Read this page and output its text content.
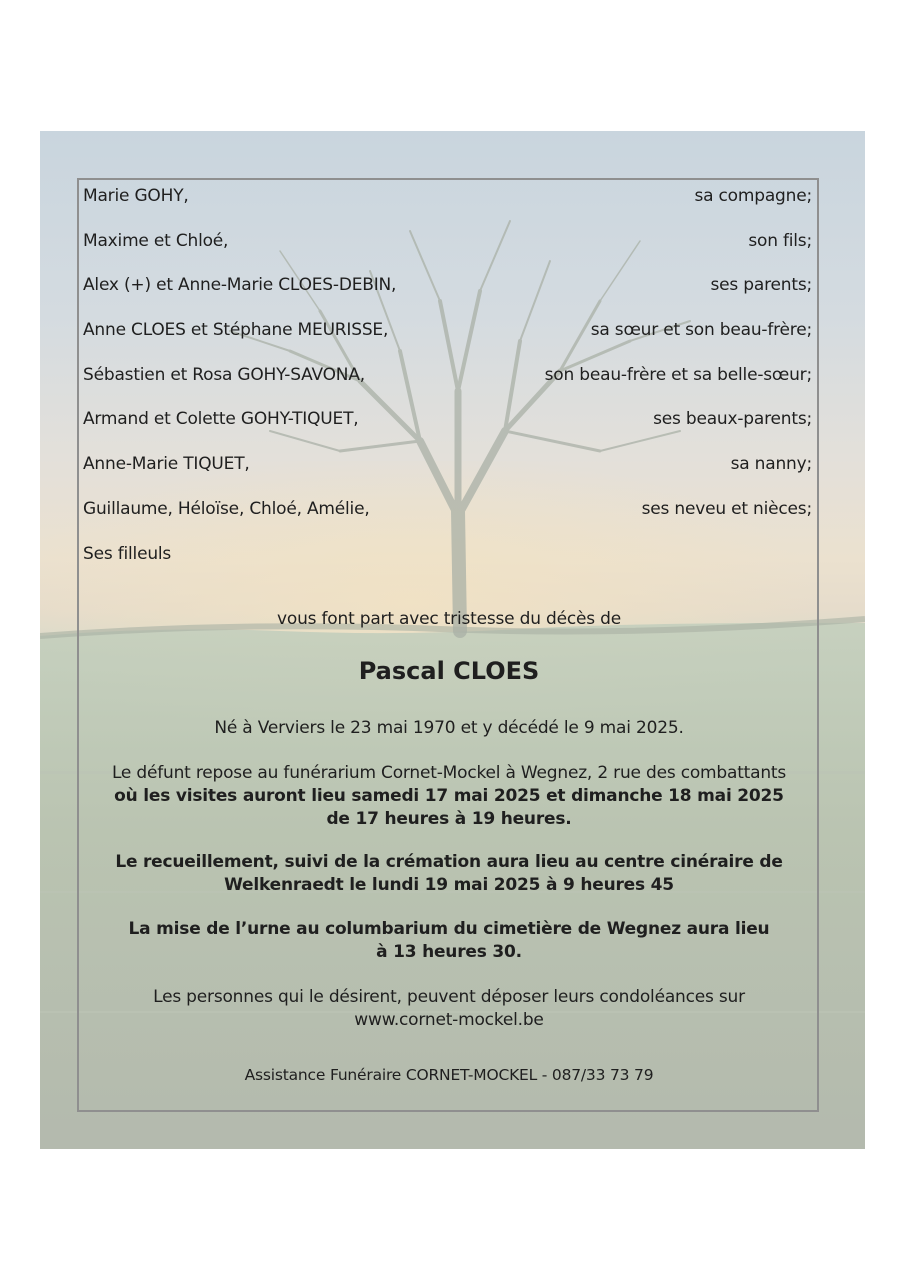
Marie GOHY,	sa compagne;
Maxime et Chloé,	son fils;
Alex (+) et Anne-Marie CLOES-DEBIN,	ses parents;
Anne CLOES et Stéphane MEURISSE,	sa sœur et son beau-frère;
Sébastien et Rosa GOHY-SAVONA,	son beau-frère et sa belle-sœur;
Armand et Colette GOHY-TIQUET,	ses beaux-parents;
Anne-Marie TIQUET,	sa nanny;
Guillaume, Héloïse, Chloé, Amélie,	ses neveu et nièces;
Ses filleuls
vous font part avec tristesse du décès de
Pascal CLOES
Né à Verviers le 23 mai 1970 et y décédé le 9 mai 2025.
Le défunt repose au funérarium Cornet-Mockel à Wegnez, 2 rue des combattants
où les visites auront lieu samedi 17 mai 2025 et dimanche 18 mai 2025
de 17 heures à 19 heures.
Le recueillement, suivi de la crémation aura lieu au centre cinéraire de
Welkenraedt le lundi 19 mai 2025 à 9 heures 45
La mise de l’urne au columbarium du cimetière de Wegnez aura lieu
à 13 heures 30.
Les personnes qui le désirent, peuvent déposer leurs condoléances sur
www.cornet-mockel.be
Assistance Funéraire CORNET-MOCKEL - 087/33 73 79
